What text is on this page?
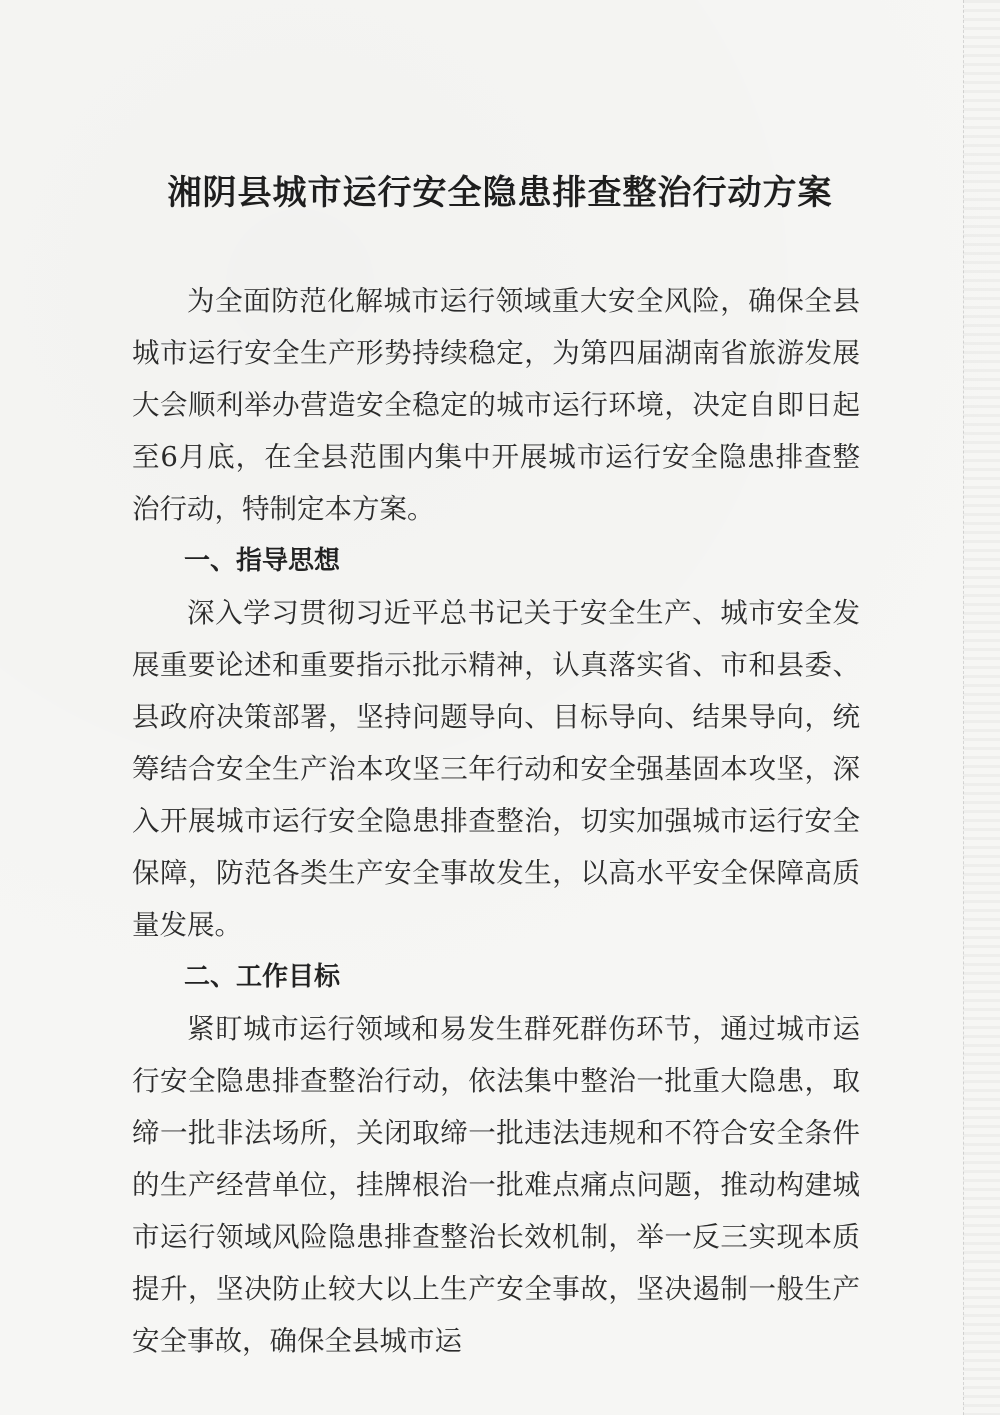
湘阴县城市运行安全隐患排查整治行动方案

为全面防范化解城市运行领域重大安全风险，确保全县城市运行安全生产形势持续稳定，为第四届湖南省旅游发展大会顺利举办营造安全稳定的城市运行环境，决定自即日起至6月底，在全县范围内集中开展城市运行安全隐患排查整治行动，特制定本方案。

一、指导思想

深入学习贯彻习近平总书记关于安全生产、城市安全发展重要论述和重要指示批示精神，认真落实省、市和县委、县政府决策部署，坚持问题导向、目标导向、结果导向，统筹结合安全生产治本攻坚三年行动和安全强基固本攻坚，深入开展城市运行安全隐患排查整治，切实加强城市运行安全保障，防范各类生产安全事故发生，以高水平安全保障高质量发展。

二、工作目标

紧盯城市运行领域和易发生群死群伤环节，通过城市运行安全隐患排查整治行动，依法集中整治一批重大隐患，取缔一批非法场所，关闭取缔一批违法违规和不符合安全条件的生产经营单位，挂牌根治一批难点痛点问题，推动构建城市运行领域风险隐患排查整治长效机制，举一反三实现本质提升，坚决防止较大以上生产安全事故，坚决遏制一般生产安全事故，确保全县城市运
